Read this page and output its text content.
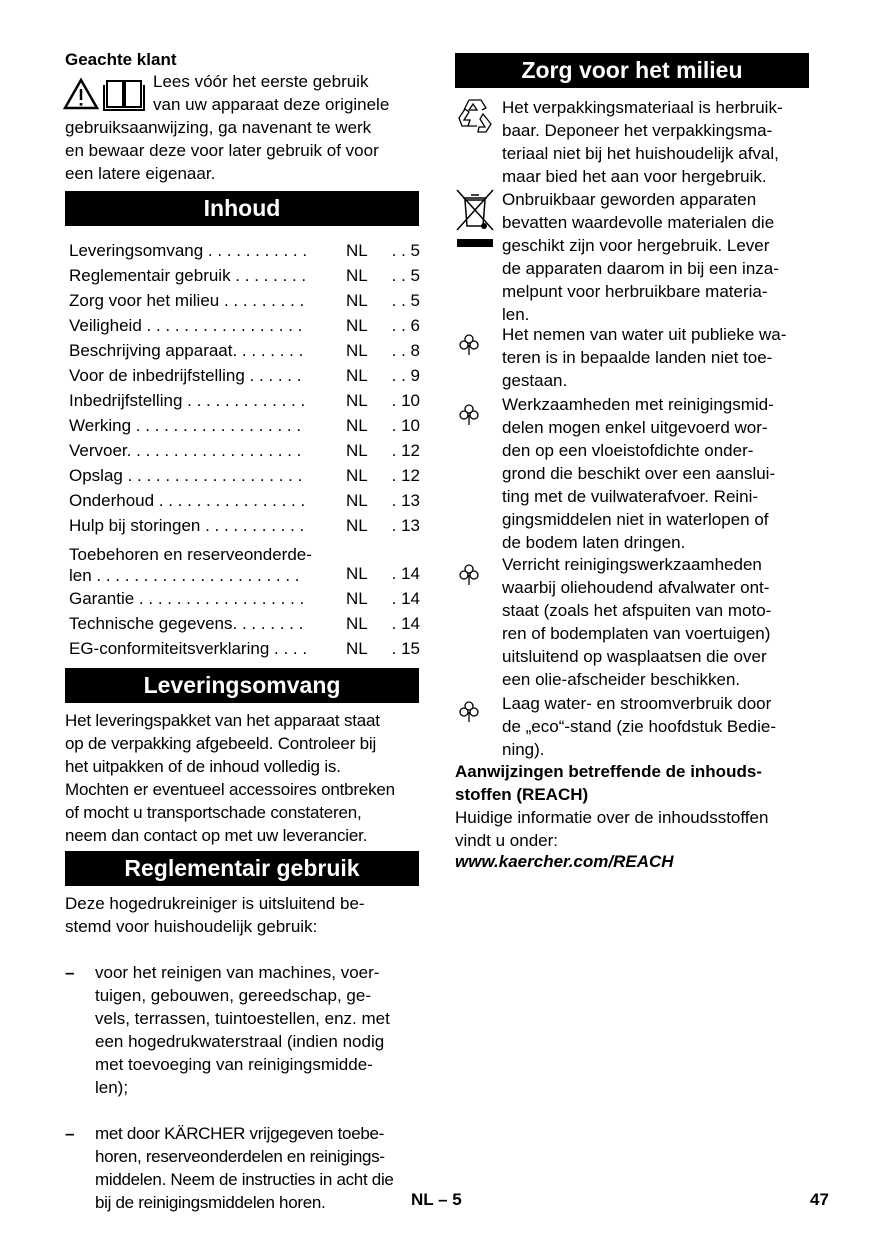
Geachte klant
Lees vóór het eerste gebruik
van uw apparaat deze originele
gebruiksaanwijzing, ga navenant te werk
en bewaar deze voor later gebruik of voor
een latere eigenaar.
Inhoud
Leveringsomvang . . . . . . . . . . .	NL	. . 5
Reglementair gebruik . . . . . . . .	NL	. . 5
Zorg voor het milieu . . . . . . . . .	NL	. . 5
Veiligheid . . . . . . . . . . . . . . . . .	NL	. . 6
Beschrijving apparaat. . . . . . . .	NL	. . 8
Voor de inbedrijfstelling . . . . . .	NL	. . 9
Inbedrijfstelling . . . . . . . . . . . . .	NL	. 10
Werking . . . . . . . . . . . . . . . . . .	NL	. 10
Vervoer. . . . . . . . . . . . . . . . . . .	NL	. 12
Opslag . . . . . . . . . . . . . . . . . . .	NL	. 12
Onderhoud . . . . . . . . . . . . . . . .	NL	. 13
Hulp bij storingen . . . . . . . . . . .	NL	. 13
Toebehoren en reserveonderde-
len . . . . . . . . . . . . . . . . . . . . . .	NL	. 14
Garantie . . . . . . . . . . . . . . . . . .	NL	. 14
Technische gegevens. . . . . . . .	NL	. 14
EG-conformiteitsverklaring . . . .	NL	. 15
Leveringsomvang
Het leveringspakket van het apparaat staat
op de verpakking afgebeeld. Controleer bij
het uitpakken of de inhoud volledig is.
Mochten er eventueel accessoires ontbreken
of mocht u transportschade constateren,
neem dan contact op met uw leverancier.
Reglementair gebruik
Deze hogedrukreiniger is uitsluitend be-
stemd voor huishoudelijk gebruik:

– voor het reinigen van machines, voer-
tuigen, gebouwen, gereedschap, ge-
vels, terrassen, tuintoestellen, enz. met
een hogedrukwaterstraal (indien nodig
met toevoeging van reinigingsmidde-
len);

– met door KÄRCHER vrijgegeven toebe-
horen, reserveonderdelen en reinigings-
middelen. Neem de instructies in acht die
bij de reinigingsmiddelen horen.

Zorg voor het milieu
Het verpakkingsmateriaal is herbruik-
baar. Deponeer het verpakkingsma-
teriaal niet bij het huishoudelijk afval,
maar bied het aan voor hergebruik.
Onbruikbaar geworden apparaten
bevatten waardevolle materialen die
geschikt zijn voor hergebruik. Lever
de apparaten daarom in bij een inza-
melpunt voor herbruikbare materia-
len.
Het nemen van water uit publieke wa-
teren is in bepaalde landen niet toe-
gestaan.
Werkzaamheden met reinigingsmid-
delen mogen enkel uitgevoerd wor-
den op een vloeistofdichte onder-
grond die beschikt over een aanslui-
ting met de vuilwaterafvoer. Reini-
gingsmiddelen niet in waterlopen of
de bodem laten dringen.
Verricht reinigingswerkzaamheden
waarbij oliehoudend afvalwater ont-
staat (zoals het afspuiten van moto-
ren of bodemplaten van voertuigen)
uitsluitend op wasplaatsen die over
een olie-afscheider beschikken.
Laag water- en stroomverbruik door
de „eco“-stand (zie hoofdstuk Bedie-
ning).
Aanwijzingen betreffende de inhouds-
stoffen (REACH)
Huidige informatie over de inhoudsstoffen
vindt u onder:
www.kaercher.com/REACH
NL – 5	47
